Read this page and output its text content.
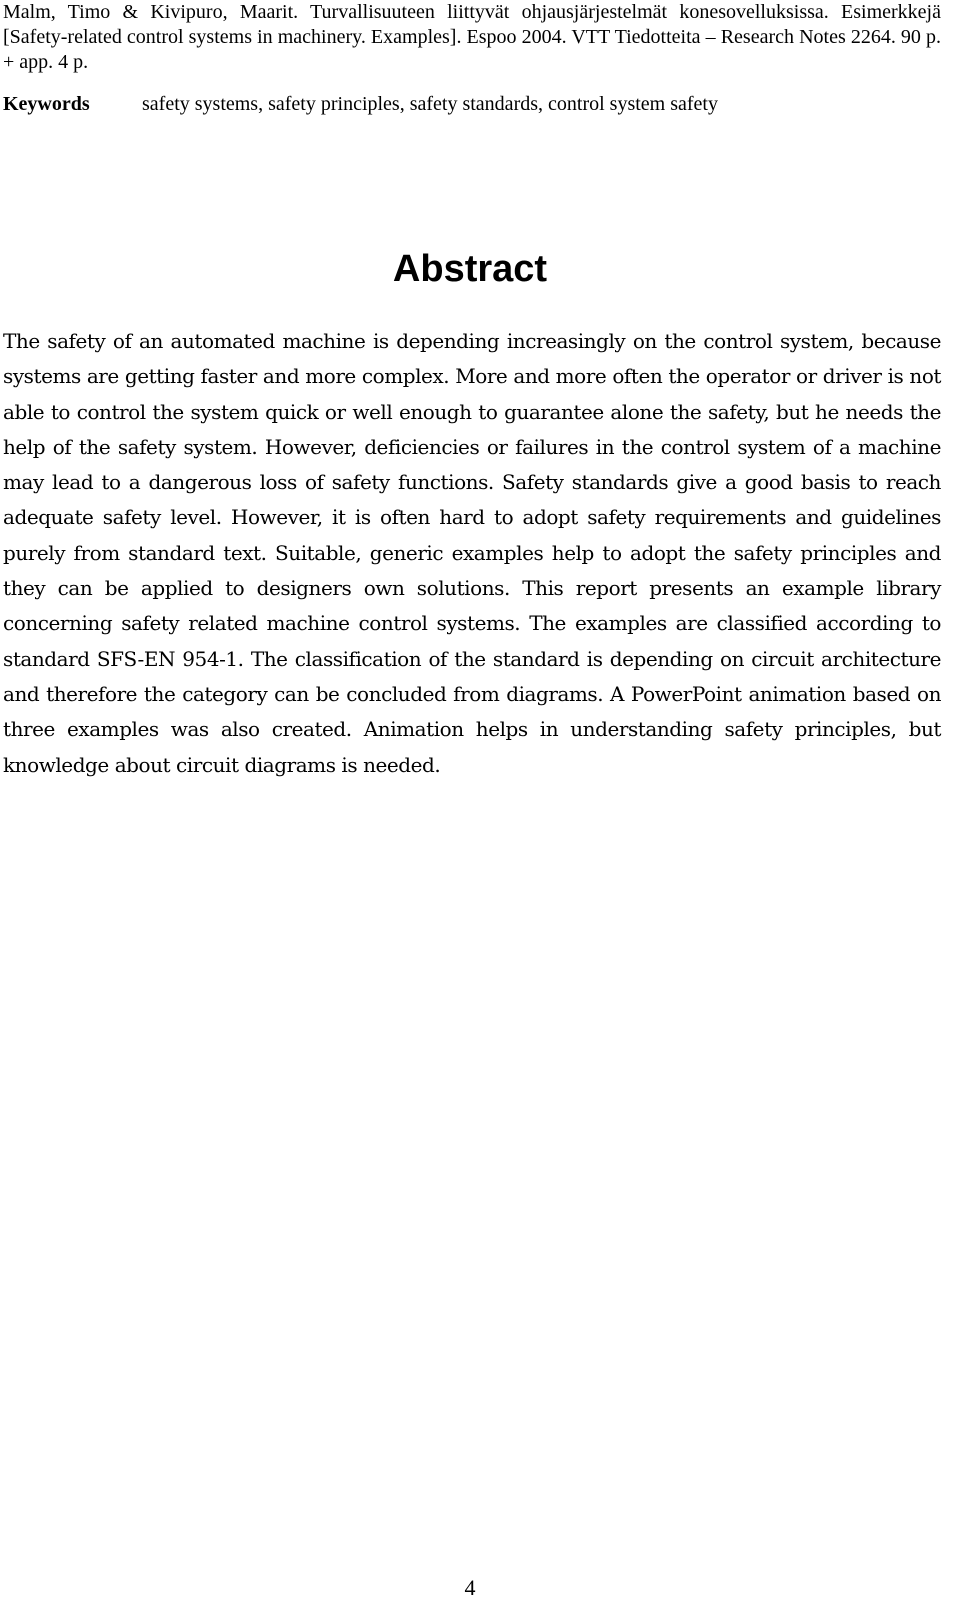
Malm, Timo & Kivipuro, Maarit. Turvallisuuteen liittyvät ohjausjärjestelmät konesovelluksissa. Esimerkkejä [Safety-related control systems in machinery. Examples]. Espoo 2004. VTT Tiedotteita – Research Notes 2264. 90 p. + app. 4 p.
Keywords	safety systems, safety principles, safety standards, control system safety
Abstract

The safety of an automated machine is depending increasingly on the control system, because systems are getting faster and more complex. More and more often the operator or driver is not able to control the system quick or well enough to guarantee alone the safety, but he needs the help of the safety system. However, deficiencies or failures in the control system of a machine may lead to a dangerous loss of safety functions. Safety standards give a good basis to reach adequate safety level. However, it is often hard to adopt safety requirements and guidelines purely from standard text. Suitable, generic examples help to adopt the safety principles and they can be applied to designers own solutions. This report presents an example library concerning safety related machine control systems. The examples are classified according to standard SFS-EN 954-1. The classification of the standard is depending on circuit architecture and therefore the category can be concluded from diagrams. A PowerPoint animation based on three examples was also created. Animation helps in understanding safety principles, but knowledge about circuit diagrams is needed.

4
